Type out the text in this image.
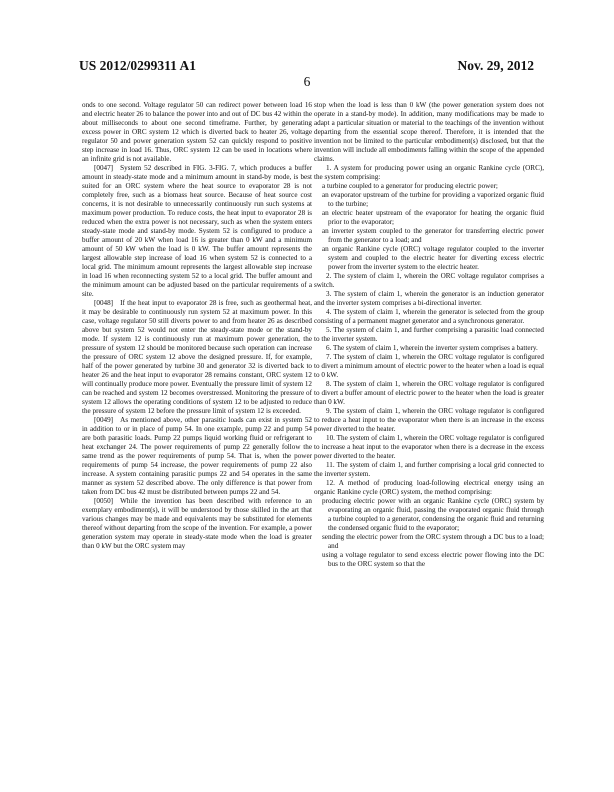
US 2012/0299311 A1	Nov. 29, 2012
6

onds to one second. Voltage regulator 50 can redirect power between load 16 and electric heater 26 to balance the power into and out of DC bus 42 within the about milliseconds to about one second timeframe. Further, by generating excess power in ORC system 12 which is diverted back to heater 26, voltage regulator 50 and power generation system 52 can quickly respond to positive step increase in load 16. Thus, ORC system 12 can be used in locations where an infinite grid is not available.

[0047] System 52 described in FIG. 3-FIG. 7, which produces a buffer amount in steady-state mode and a minimum amount in stand-by mode, is best suited for an ORC system where the heat source to evaporator 28 is not completely free, such as a biomass heat source. Because of heat source cost concerns, it is not desirable to unnecessarily continuously run such systems at maximum power production. To reduce costs, the heat input to evaporator 28 is reduced when the extra power is not necessary, such as when the system enters steady-state mode and stand-by mode. System 52 is configured to produce a buffer amount of 20 kW when load 16 is greater than 0 kW and a minimum amount of 50 kW when the load is 0 kW. The buffer amount represents the largest allowable step increase of load 16 when system 52 is connected to a local grid. The minimum amount represents the largest allowable step increase in load 16 when reconnecting system 52 to a local grid. The buffer amount and the minimum amount can be adjusted based on the particular requirements of a site.

[0048] If the heat input to evaporator 28 is free, such as geothermal heat, it may be desirable to continuously run system 52 at maximum power. In this case, voltage regulator 50 still diverts power to and from heater 26 as described above but system 52 would not enter the steady-state mode or the stand-by mode. If system 12 is continuously run at maximum power generation, the pressure of system 12 should be monitored because such operation can increase the pressure of ORC system 12 above the designed pressure. If, for example, half of the power generated by turbine 30 and generator 32 is diverted back to heater 26 and the heat input to evaporator 28 remains constant, ORC system 12 will continually produce more power. Eventually the pressure limit of system 12 can be reached and system 12 becomes overstressed. Monitoring the pressure of system 12 allows the operating conditions of system 12 to be adjusted to reduce the pressure of system 12 before the pressure limit of system 12 is exceeded.

[0049] As mentioned above, other parasitic loads can exist in system 52 in addition to or in place of pump 54. In one example, pump 22 and pump 54 are both parasitic loads. Pump 22 pumps liquid working fluid or refrigerant to heat exchanger 24. The power requirements of pump 22 generally follow the same trend as the power requirements of pump 54. That is, when the power requirements of pump 54 increase, the power requirements of pump 22 also increase. A system containing parasitic pumps 22 and 54 operates in the same manner as system 52 described above. The only difference is that power from taken from DC bus 42 must be distributed between pumps 22 and 54.

[0050] While the invention has been described with reference to an exemplary embodiment(s), it will be understood by those skilled in the art that various changes may be made and equivalents may be substituted for elements thereof without departing from the scope of the invention. For example, a power generation system may operate in steady-state mode when the load is greater than 0 kW but the ORC system may

stop when the load is less than 0 kW (the power generation system does not operate in a stand-by mode). In addition, many modifications may be made to adapt a particular situation or material to the teachings of the invention without departing from the essential scope thereof. Therefore, it is intended that the invention not be limited to the particular embodiment(s) disclosed, but that the invention will include all embodiments falling within the scope of the appended claims.

1. A system for producing power using an organic Rankine cycle (ORC), the system comprising:

a turbine coupled to a generator for producing electric power;
an evaporator upstream of the turbine for providing a vaporized organic fluid to the turbine;
an electric heater upstream of the evaporator for heating the organic fluid prior to the evaporator;
an inverter system coupled to the generator for transferring electric power from the generator to a load; and
an organic Rankine cycle (ORC) voltage regulator coupled to the inverter system and coupled to the electric heater for diverting excess electric power from the inverter system to the electric heater.

2. The system of claim 1, wherein the ORC voltage regulator comprises a switch.

3. The system of claim 1, wherein the generator is an induction generator and the inverter system comprises a bi-directional inverter.

4. The system of claim 1, wherein the generator is selected from the group consisting of a permanent magnet generator and a synchronous generator.

5. The system of claim 1, and further comprising a parasitic load connected to the inverter system.

6. The system of claim 1, wherein the inverter system comprises a battery.

7. The system of claim 1, wherein the ORC voltage regulator is configured to divert a minimum amount of electric power to the heater when a load is equal to 0 kW.

8. The system of claim 1, wherein the ORC voltage regulator is configured to divert a buffer amount of electric power to the heater when the load is greater than 0 kW.

9. The system of claim 1, wherein the ORC voltage regulator is configured to reduce a heat input to the evaporator when there is an increase in the excess power diverted to the heater.

10. The system of claim 1, wherein the ORC voltage regulator is configured to increase a heat input to the evaporator when there is a decrease in the excess power diverted to the heater.

11. The system of claim 1, and further comprising a local grid connected to the inverter system.

12. A method of producing load-following electrical energy using an organic Rankine cycle (ORC) system, the method comprising:

producing electric power with an organic Rankine cycle (ORC) system by evaporating an organic fluid, passing the evaporated organic fluid through a turbine coupled to a generator, condensing the organic fluid and returning the condensed organic fluid to the evaporator;
sending the electric power from the ORC system through a DC bus to a load; and
using a voltage regulator to send excess electric power flowing into the DC bus to the ORC system so that the
